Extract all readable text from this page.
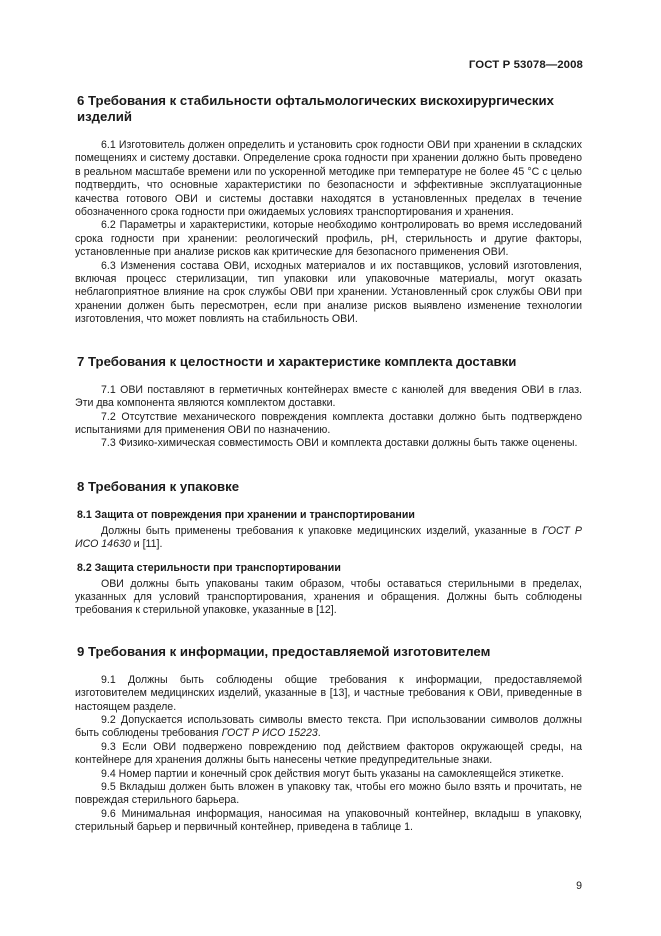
ГОСТ Р 53078—2008
6 Требования к стабильности офтальмологических вискохирургических изделий

6.1 Изготовитель должен определить и установить срок годности ОВИ при хранении в складских помещениях и систему доставки. Определение срока годности при хранении должно быть проведено в реальном масштабе времени или по ускоренной методике при температуре не более 45 °С с целью подтвердить, что основные характеристики по безопасности и эффективные эксплуатационные качества готового ОВИ и системы доставки находятся в установленных пределах в течение обозначенного срока годности при ожидаемых условиях транспортирования и хранения.

6.2 Параметры и характеристики, которые необходимо контролировать во время исследований срока годности при хранении: реологический профиль, pH, стерильность и другие факторы, установленные при анализе рисков как критические для безопасного применения ОВИ.

6.3 Изменения состава ОВИ, исходных материалов и их поставщиков, условий изготовления, включая процесс стерилизации, тип упаковки или упаковочные материалы, могут оказать неблагоприятное влияние на срок службы ОВИ при хранении. Установленный срок службы ОВИ при хранении должен быть пересмотрен, если при анализе рисков выявлено изменение технологии изготовления, что может повлиять на стабильность ОВИ.

7 Требования к целостности и характеристике комплекта доставки

7.1 ОВИ поставляют в герметичных контейнерах вместе с канюлей для введения ОВИ в глаз. Эти два компонента являются комплектом доставки.

7.2 Отсутствие механического повреждения комплекта доставки должно быть подтверждено испытаниями для применения ОВИ по назначению.

7.3 Физико-химическая совместимость ОВИ и комплекта доставки должны быть также оценены.

8 Требования к упаковке
8.1 Защита от повреждения при хранении и транспортировании

Должны быть применены требования к упаковке медицинских изделий, указанные в ГОСТ Р ИСО 14630 и [11].

8.2 Защита стерильности при транспортировании

ОВИ должны быть упакованы таким образом, чтобы оставаться стерильными в пределах, указанных для условий транспортирования, хранения и обращения. Должны быть соблюдены требования к стерильной упаковке, указанные в [12].

9 Требования к информации, предоставляемой изготовителем

9.1 Должны быть соблюдены общие требования к информации, предоставляемой изготовителем медицинских изделий, указанные в [13], и частные требования к ОВИ, приведенные в настоящем разделе.

9.2 Допускается использовать символы вместо текста. При использовании символов должны быть соблюдены требования ГОСТ Р ИСО 15223.

9.3 Если ОВИ подвержено повреждению под действием факторов окружающей среды, на контейнере для хранения должны быть нанесены четкие предупредительные знаки.

9.4 Номер партии и конечный срок действия могут быть указаны на самоклеящейся этикетке.

9.5 Вкладыш должен быть вложен в упаковку так, чтобы его можно было взять и прочитать, не повреждая стерильного барьера.

9.6 Минимальная информация, наносимая на упаковочный контейнер, вкладыш в упаковку, стерильный барьер и первичный контейнер, приведена в таблице 1.

9
